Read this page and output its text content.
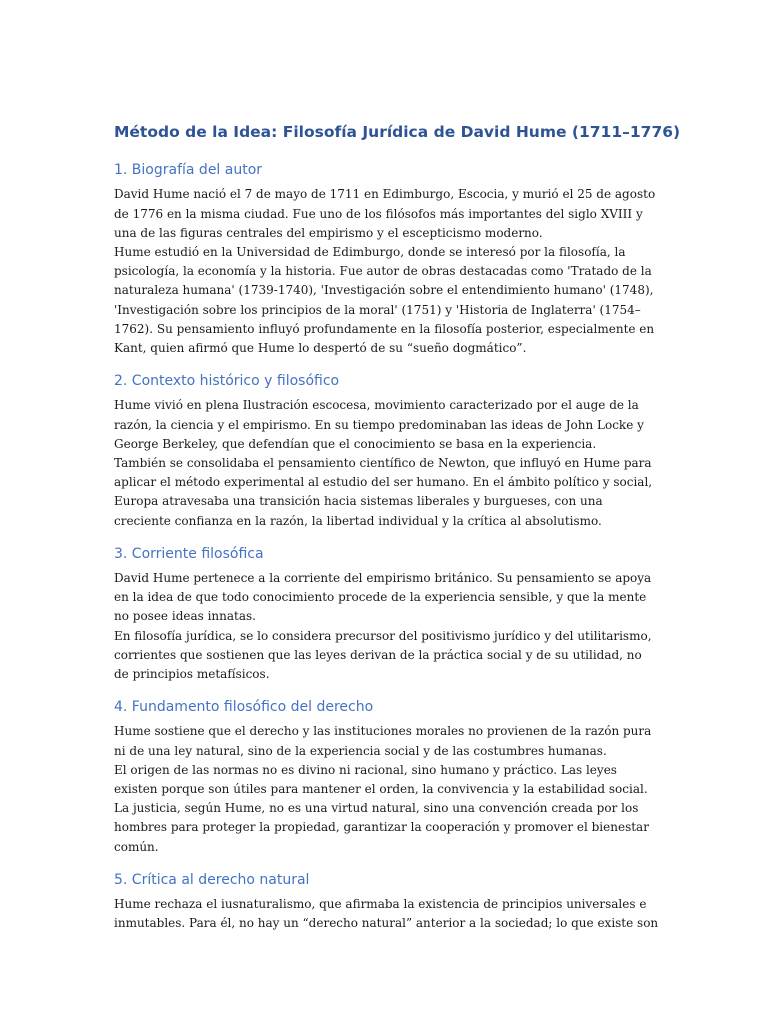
Método de la Idea: Filosofía Jurídica de David Hume (1711–1776)
1. Biografía del autor

David Hume nació el 7 de mayo de 1711 en Edimburgo, Escocia, y murió el 25 de agosto de 1776 en la misma ciudad. Fue uno de los filósofos más importantes del siglo XVIII y una de las figuras centrales del empirismo y el escepticismo moderno.

Hume estudió en la Universidad de Edimburgo, donde se interesó por la filosofía, la psicología, la economía y la historia. Fue autor de obras destacadas como 'Tratado de la naturaleza humana' (1739-1740), 'Investigación sobre el entendimiento humano' (1748), 'Investigación sobre los principios de la moral' (1751) y 'Historia de Inglaterra' (1754–1762). Su pensamiento influyó profundamente en la filosofía posterior, especialmente en Kant, quien afirmó que Hume lo despertó de su “sueño dogmático”.

2. Contexto histórico y filosófico

Hume vivió en plena Ilustración escocesa, movimiento caracterizado por el auge de la razón, la ciencia y el empirismo. En su tiempo predominaban las ideas de John Locke y George Berkeley, que defendían que el conocimiento se basa en la experiencia.

También se consolidaba el pensamiento científico de Newton, que influyó en Hume para aplicar el método experimental al estudio del ser humano. En el ámbito político y social, Europa atravesaba una transición hacia sistemas liberales y burgueses, con una creciente confianza en la razón, la libertad individual y la crítica al absolutismo.

3. Corriente filosófica

David Hume pertenece a la corriente del empirismo británico. Su pensamiento se apoya en la idea de que todo conocimiento procede de la experiencia sensible, y que la mente no posee ideas innatas.

En filosofía jurídica, se lo considera precursor del positivismo jurídico y del utilitarismo, corrientes que sostienen que las leyes derivan de la práctica social y de su utilidad, no de principios metafísicos.

4. Fundamento filosófico del derecho

Hume sostiene que el derecho y las instituciones morales no provienen de la razón pura ni de una ley natural, sino de la experiencia social y de las costumbres humanas.

El origen de las normas no es divino ni racional, sino humano y práctico. Las leyes existen porque son útiles para mantener el orden, la convivencia y la estabilidad social. La justicia, según Hume, no es una virtud natural, sino una convención creada por los hombres para proteger la propiedad, garantizar la cooperación y promover el bienestar común.

5. Crítica al derecho natural

Hume rechaza el iusnaturalismo, que afirmaba la existencia de principios universales e inmutables. Para él, no hay un “derecho natural” anterior a la sociedad; lo que existe son
